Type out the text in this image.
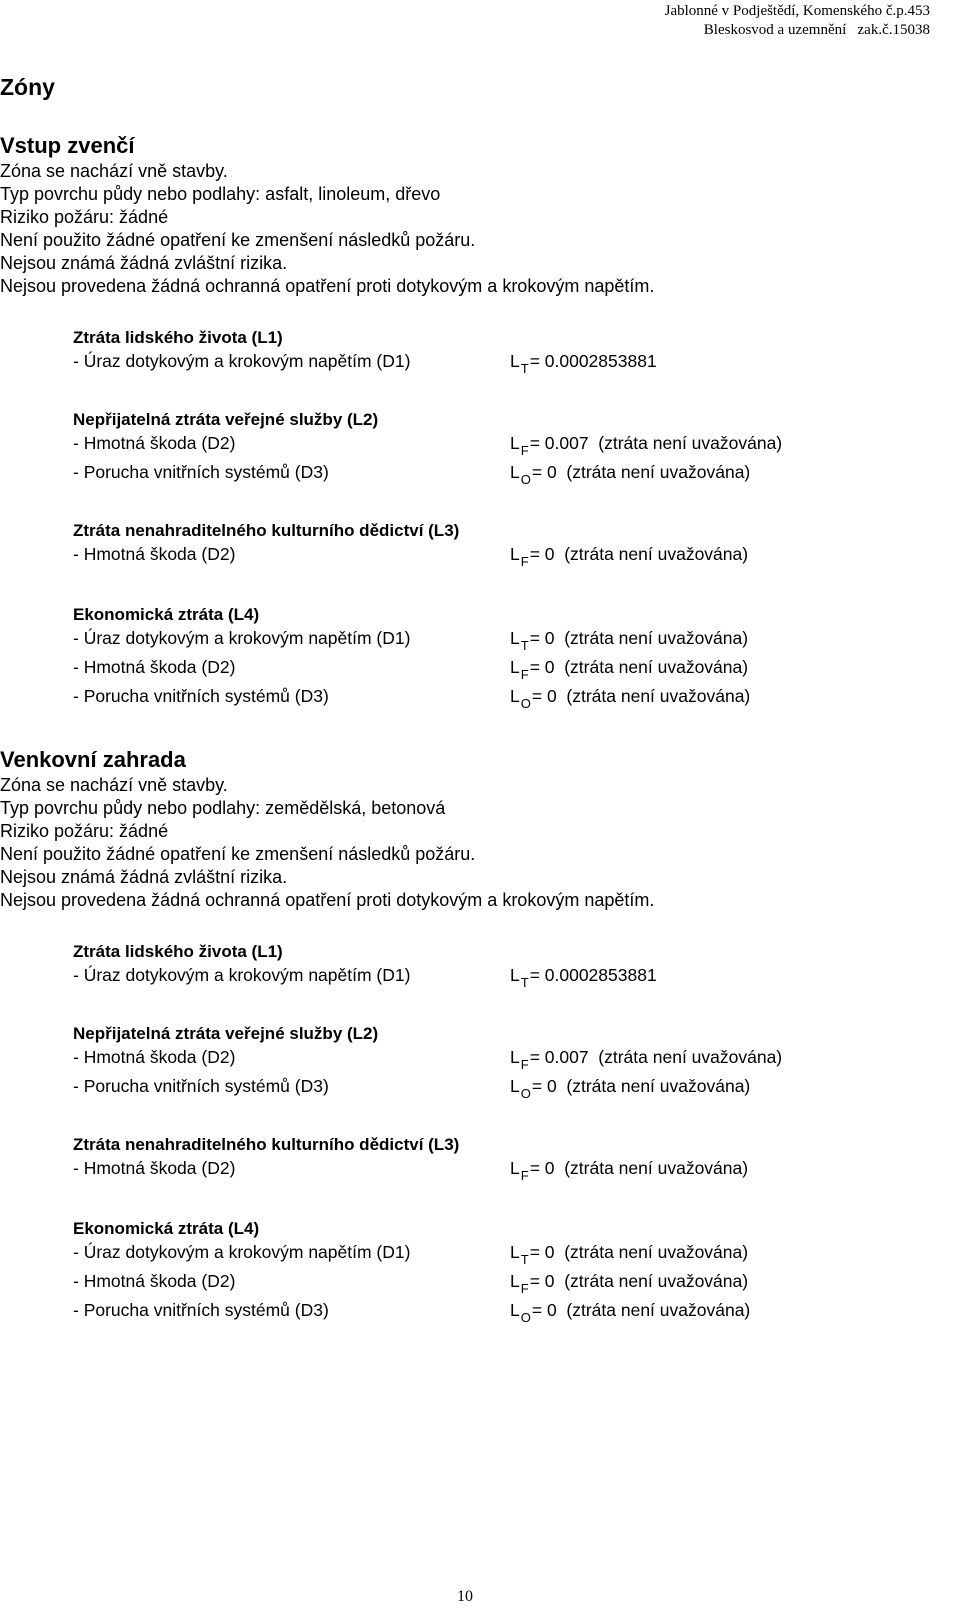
Jablonné v Podještědí, Komenského č.p.453
Bleskosvod a uzemnění   zak.č.15038
Zóny
Vstup zvenčí
Zóna se nachází vně stavby.
Typ povrchu půdy nebo podlahy: asfalt, linoleum, dřevo
Riziko požáru: žádné
Není použito žádné opatření ke zmenšení následků požáru.
Nejsou známá žádná zvláštní rizika.
Nejsou provedena žádná ochranná opatření proti dotykovým a krokovým napětím.
Ztráta lidského života (L1)
- Úraz dotykovým a krokovým napětím (D1)	$L_T= 0.0002853881$
Nepřijatelná ztráta veřejné služby (L2)
- Hmotná škoda (D2)	$L_F= 0.007$  (ztráta není uvažována)
- Porucha vnitřních systémů (D3)	$L_O= 0$  (ztráta není uvažována)
Ztráta nenahraditelného kulturního dědictví (L3)
- Hmotná škoda (D2)	$L_F= 0$  (ztráta není uvažována)
Ekonomická ztráta (L4)
- Úraz dotykovým a krokovým napětím (D1)	$L_T= 0$  (ztráta není uvažována)
- Hmotná škoda (D2)	$L_F= 0$  (ztráta není uvažována)
- Porucha vnitřních systémů (D3)	$L_O= 0$  (ztráta není uvažována)
Venkovní zahrada
Zóna se nachází vně stavby.
Typ povrchu půdy nebo podlahy: zemědělská, betonová
Riziko požáru: žádné
Není použito žádné opatření ke zmenšení následků požáru.
Nejsou známá žádná zvláštní rizika.
Nejsou provedena žádná ochranná opatření proti dotykovým a krokovým napětím.
Ztráta lidského života (L1)
- Úraz dotykovým a krokovým napětím (D1)	$L_T= 0.0002853881$
Nepřijatelná ztráta veřejné služby (L2)
- Hmotná škoda (D2)	$L_F= 0.007$  (ztráta není uvažována)
- Porucha vnitřních systémů (D3)	$L_O= 0$  (ztráta není uvažována)
Ztráta nenahraditelného kulturního dědictví (L3)
- Hmotná škoda (D2)	$L_F= 0$  (ztráta není uvažována)
Ekonomická ztráta (L4)
- Úraz dotykovým a krokovým napětím (D1)	$L_T= 0$  (ztráta není uvažována)
- Hmotná škoda (D2)	$L_F= 0$  (ztráta není uvažována)
- Porucha vnitřních systémů (D3)	$L_O= 0$  (ztráta není uvažována)
10
